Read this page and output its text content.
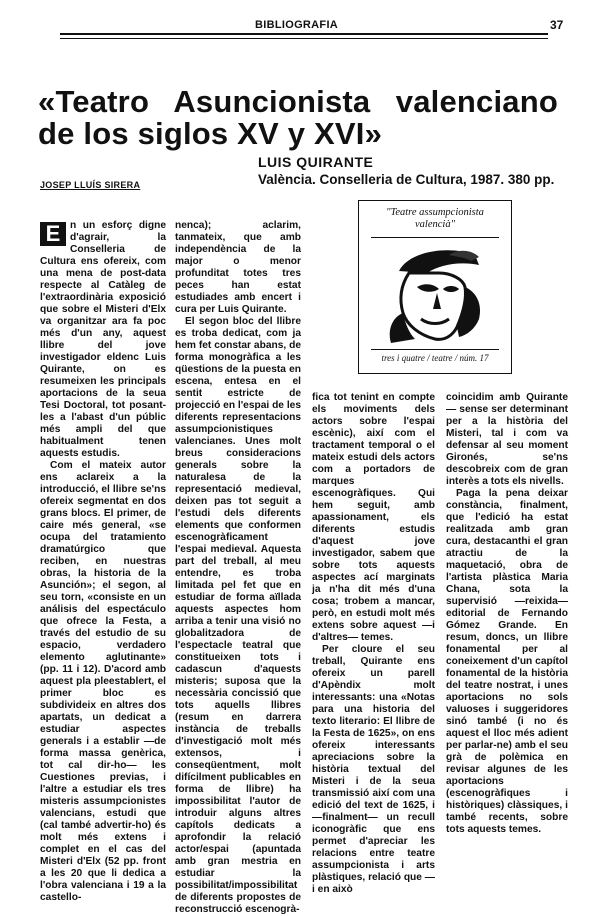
BIBLIOGRAFIA	37
«Teatro Asuncionista valenciano de los siglos XV y XVI»
LUIS QUIRANTE
València. Conselleria de Cultura, 1987. 380 pp.
JOSEP LLUÍS SIRERA
"Teatre assumpcionista
valencià"
tres i quatre / teatre / núm. 17

E n un esforç digne d'agrair, la Conselleria de Cultura ens ofereix, com una mena de post-data respecte al Catàleg de l'extraordinària exposició que sobre el Misteri d'Elx va organitzar ara fa poc més d'un any, aquest llibre del jove investigador eldenc Luis Quirante, on es resumeixen les principals aportacions de la seua Tesi Doctoral, tot posant-les a l'abast d'un públic més ampli del que habitualment tenen aquests estudis.

Com el mateix autor ens aclareix a la introducció, el llibre se'ns ofereix segmentat en dos grans blocs. El primer, de caire més general, «se ocupa del tratamiento dramatúrgico que reciben, en nuestras obras, la historia de la Asunción»; el segon, al seu torn, «consiste en un análisis del espectáculo que ofrece la Festa, a través del estudio de su espacio, verdadero elemento aglutinante» (pp. 11 i 12). D'acord amb aquest pla pleestablert, el primer bloc es subdivideix en altres dos apartats, un dedicat a estudiar aspectes generals i a establir —de forma massa genèrica, tot cal dir-ho— les Cuestiones previas, i l'altre a estudiar els tres misteris assumpcionistes valencians, estudi que (cal també advertir-ho) és molt més extens i complet en el cas del Misteri d'Elx (52 pp. front a les 20 que li dedica a l'obra valenciana i 19 a la castello-

nenca); aclarim, tanmateix, que amb independència de la major o menor profunditat totes tres peces han estat estudiades amb encert i cura per Luis Quirante.

El segon bloc del llibre es troba dedicat, com ja hem fet constar abans, de forma monogràfica a les qüestions de la puesta en escena, entesa en el sentit estricte de projecció en l'espai de les diferents representacions assumpcionistiques valencianes. Unes molt breus consideracions generals sobre la naturalesa de la representació medieval, deixen pas tot seguit a l'estudi dels diferents elements que conformen escenogràficament l'espai medieval. Aquesta part del treball, al meu entendre, es troba limitada pel fet que en estudiar de forma aïllada aquests aspectes hom arriba a tenir una visió no globalitzadora de l'espectacle teatral que constitueixen tots i cadascun d'aquests misteris; suposa que la necessària concissió que tots aquells llibres (resum en darrera instància de treballs d'investigació molt més extensos, i conseqüentment, molt difícilment publicables en forma de llibre) ha impossibilitat l'autor de introduir alguns altres capítols dedicats a aprofondir la relació actor/espai (apuntada amb gran mestria en estudiar la possibilitat/impossibilitat de diferents propostes de reconstrucció escenogrà-

fica tot tenint en compte els moviments dels actors sobre l'espai escènic), així com el tractament temporal o el mateix estudi dels actors com a portadors de marques escenogràfiques. Qui hem seguit, amb apassionament, els diferents estudis d'aquest jove investigador, sabem que sobre tots aquests aspectes ací marginats ja n'ha dit més d'una cosa; trobem a mancar, però, en estudi molt més extens sobre aquest —i d'altres— temes.

Per cloure el seu treball, Quirante ens ofereix un parell d'Apèndix molt interessants: una «Notas para una historia del texto literario: El llibre de la Festa de 1625», on ens ofereix interessants apreciacions sobre la història textual del Misteri i de la seua transmissió així com una edició del text de 1625, i —finalment— un recull iconogràfic que ens permet d'apreciar les relacions entre teatre assumpcionista i arts plàstiques, relació que —i en això

coincidim amb Quirante— sense ser determinant per a la història del Misteri, tal i com va defensar al seu moment Gironés, se'ns descobreix com de gran interès a tots els nivells.

Paga la pena deixar constància, finalment, que l'edició ha estat realitzada amb gran cura, destacanthi el gran atractiu de la maquetació, obra de l'artista plàstica Maria Chana, sota la supervisió —reixida— editorial de Fernando Gómez Grande. En resum, doncs, un llibre fonamental per al coneixement d'un capítol fonamental de la història del teatre nostrat, i unes aportacions no sols valuoses i suggeridores sinó també (i no és aquest el lloc més adient per parlar-ne) amb el seu grà de polèmica en revisar algunes de les aportacions (escenogràfiques i històriques) clàssiques, i també recents, sobre tots aquests temes.
